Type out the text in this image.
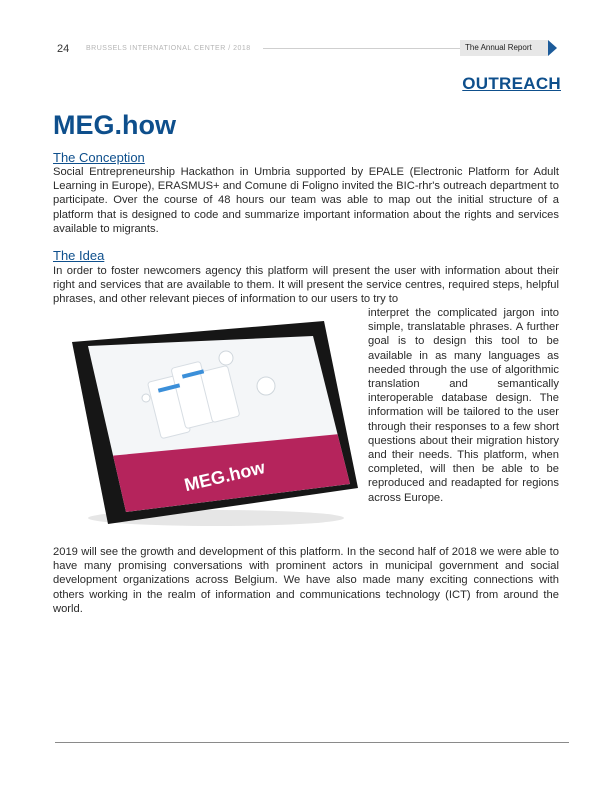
24 BRUSSELS INTERNATIONAL CENTER / 2018	The Annual Report
OUTREACH
MEG.how
The Conception

Social Entrepreneurship Hackathon in Umbria supported by EPALE (Electronic Platform for Adult Learning in Europe), ERASMUS+ and Comune di Foligno invited the BIC-rhr's outreach department to participate. Over the course of 48 hours our team was able to map out the initial structure of a platform that is designed to code and summarize important information about the rights and services available to migrants.

The Idea

In order to foster newcomers agency this platform will present the user with information about their right and services that are available to them. It will present the service centres, required steps, helpful phrases, and other relevant pieces of information to our users to try to

interpret the complicated jargon into simple, translatable phrases. A further goal is to design this tool to be available in as many languages as needed through the use of algorithmic translation and semantically interoperable database design. The information will be tailored to the user through their responses to a few short questions about their migration history and their needs. This platform, when completed, will then be able to be reproduced and readapted for regions across Europe.

MEG.how

2019 will see the growth and development of this platform. In the second half of 2018 we were able to have many promising conversations with prominent actors in municipal government and social development organizations across Belgium. We have also made many exciting connections with others working in the realm of information and communications technology (ICT) from around the world.
